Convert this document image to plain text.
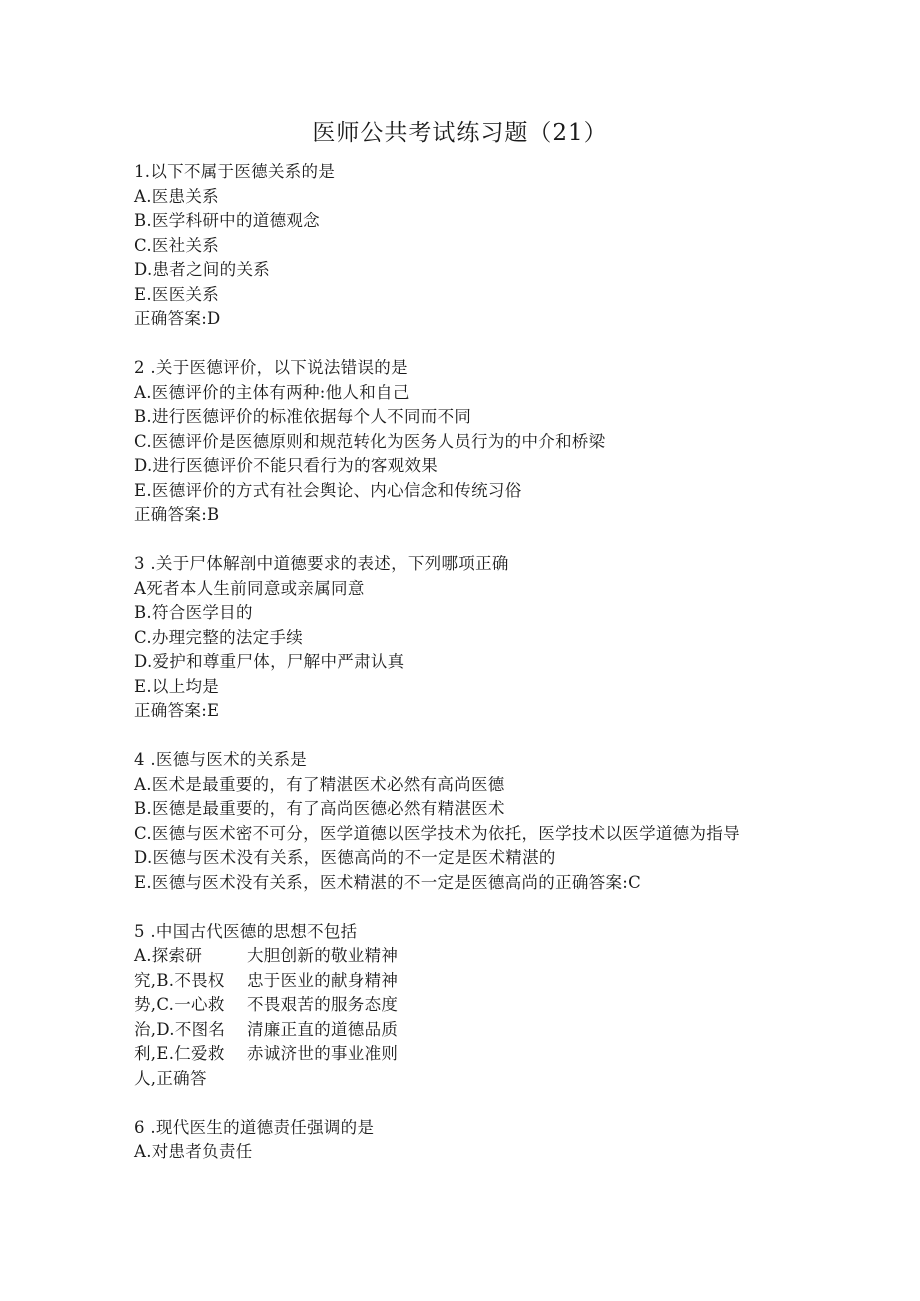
医师公共考试练习题（21）
1.以下不属于医德关系的是
A.医患关系
B.医学科研中的道德观念
C.医社关系
D.患者之间的关系
E.医医关系
正确答案:D
2 .关于医德评价，以下说法错误的是
A.医德评价的主体有两种:他人和自己
B.进行医德评价的标准依据每个人不同而不同
C.医德评价是医德原则和规范转化为医务人员行为的中介和桥梁
D.进行医德评价不能只看行为的客观效果
E.医德评价的方式有社会舆论、内心信念和传统习俗
正确答案:B
3 .关于尸体解剖中道德要求的表述，下列哪项正确
A死者本人生前同意或亲属同意
B.符合医学目的
C.办理完整的法定手续
D.爱护和尊重尸体，尸解中严肃认真
E.以上均是
正确答案:E
4 .医德与医术的关系是
A.医术是最重要的，有了精湛医术必然有高尚医德
B.医德是最重要的，有了高尚医德必然有精湛医术
C.医德与医术密不可分，医学道德以医学技术为依托，医学技术以医学道德为指导
D.医德与医术没有关系，医德高尚的不一定是医术精湛的
E.医德与医术没有关系，医术精湛的不一定是医德高尚的正确答案:C
5 .中国古代医德的思想不包括
A.探索研
究,B.不畏权
势,C.一心救
治,D.不图名
利,E.仁爱救
人,正确答
大胆创新的敬业精神
忠于医业的献身精神
不畏艰苦的服务态度
清廉正直的道德品质
赤诚济世的事业准则
6 .现代医生的道德责任强调的是
A.对患者负责任
